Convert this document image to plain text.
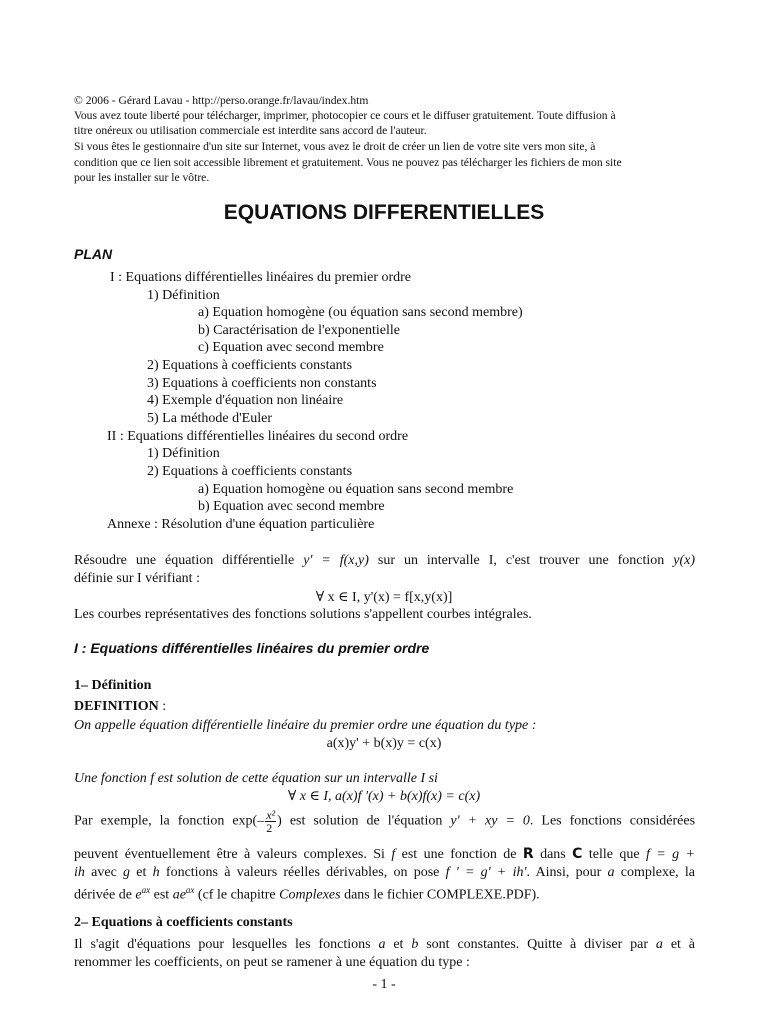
© 2006 - Gérard Lavau - http://perso.orange.fr/lavau/index.htm
Vous avez toute liberté pour télécharger, imprimer, photocopier ce cours et le diffuser gratuitement. Toute diffusion à
titre onéreux ou utilisation commerciale est interdite sans accord de l'auteur.
Si vous êtes le gestionnaire d'un site sur Internet, vous avez le droit de créer un lien de votre site vers mon site, à
condition que ce lien soit accessible librement et gratuitement. Vous ne pouvez pas télécharger les fichiers de mon site
pour les installer sur le vôtre.
EQUATIONS DIFFERENTIELLES
PLAN
I : Equations différentielles linéaires du premier ordre
1) Définition
a) Equation homogène (ou équation sans second membre)
b) Caractérisation de l'exponentielle
c) Equation avec second membre
2) Equations à coefficients constants
3) Equations à coefficients non constants
4) Exemple d'équation non linéaire
5) La méthode d'Euler
II : Equations différentielles linéaires du second ordre
1) Définition
2) Equations à coefficients constants
a) Equation homogène ou équation sans second membre
b) Equation avec second membre
Annexe : Résolution d'une équation particulière
Résoudre une équation différentielle y' = f(x,y) sur un intervalle I, c'est trouver une fonction y(x)
définie sur I vérifiant :
∀ x ∈ I, y'(x) = f[x,y(x)]
Les courbes représentatives des fonctions solutions s'appellent courbes intégrales.
I : Equations différentielles linéaires du premier ordre
1– Définition
DEFINITION :
On appelle équation différentielle linéaire du premier ordre une équation du type :
a(x)y' + b(x)y = c(x)
Une fonction f est solution de cette équation sur un intervalle I si
∀ x ∈ I, a(x)f '(x) + b(x)f(x) = c(x)
Par exemple, la fonction $\exp(- \frac{\text{x²}}{2}$ ) est solution de l'équation y' + xy = 0. Les fonctions considérées
peuvent éventuellement être à valeurs complexes. Si f est une fonction de R dans C telle que f = g +
ih avec g et h fonctions à valeurs réelles dérivables, on pose f ' = g' + ih'. Ainsi, pour a complexe, la
dérivée de $e^{ax}$ est $ae^{ax}$ (cf le chapitre Complexes dans le fichier COMPLEXE.PDF).
2– Equations à coefficients constants
Il s'agit d'équations pour lesquelles les fonctions a et b sont constantes. Quitte à diviser par a et à
renommer les coefficients, on peut se ramener à une équation du type :
- 1 -
